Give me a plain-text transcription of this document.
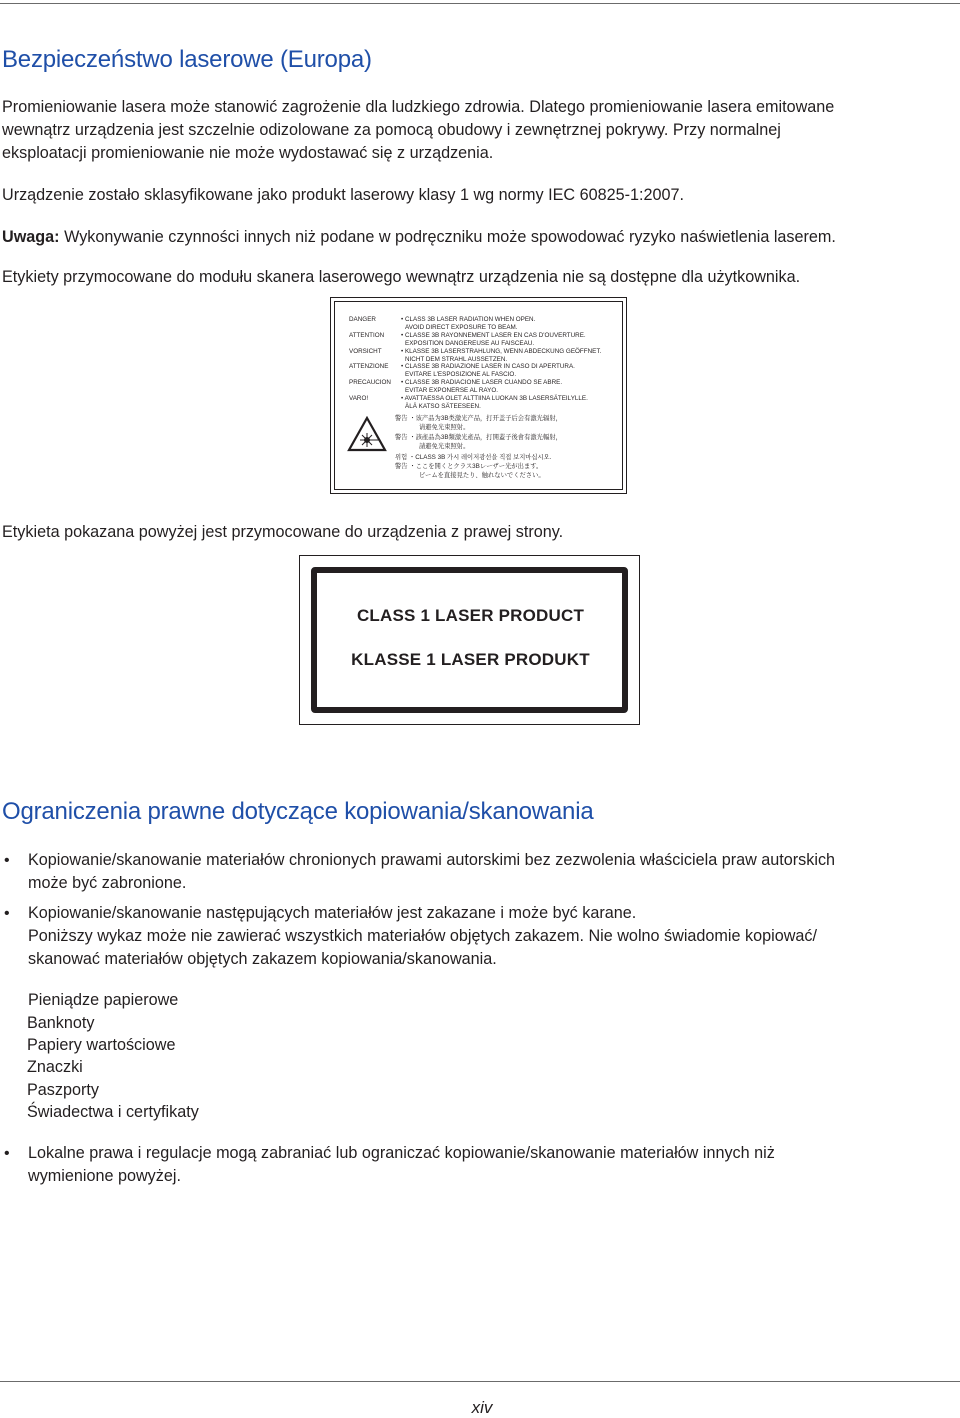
Bezpieczeństwo laserowe (Europa)

Promieniowanie lasera może stanowić zagrożenie dla ludzkiego zdrowia. Dlatego promieniowanie lasera emitowane
wewnątrz urządzenia jest szczelnie odizolowane za pomocą obudowy i zewnętrznej pokrywy. Przy normalnej
eksploatacji promieniowanie nie może wydostawać się z urządzenia.

Urządzenie zostało sklasyfikowane jako produkt laserowy klasy 1 wg normy IEC 60825-1:2007.

Uwaga: Wykonywanie czynności innych niż podane w podręczniku może spowodować ryzyko naświetlenia laserem.

Etykiety przymocowane do modułu skanera laserowego wewnątrz urządzenia nie są dostępne dla użytkownika.

DANGER	• CLASS 3B LASER RADIATION WHEN OPEN.
AVOID DIRECT EXPOSURE TO BEAM.
ATTENTION	• CLASSE 3B RAYONNEMENT LASER EN CAS D'OUVERTURE.
EXPOSITION DANGEREUSE AU FAISCEAU.
VORSICHT	• KLASSE 3B LASERSTRAHLUNG, WENN ABDECKUNG GEÖFFNET.
NICHT DEM STRAHL AUSSETZEN.
ATTENZIONE • CLASSE 3B RADIAZIONE LASER IN CASO DI APERTURA.
EVITARE L'ESPOSIZIONE AL FASCIO.
PRECAUCION • CLASSE 3B RADIACIONE LASER CUANDO SE ABRE.
EVITAR EXPONERSE AL RAYO.
VARO!	• AVATTAESSA OLET ALTTIINA LUOKAN 3B LASERSÄTEILYLLE.
ÄLÄ KATSO SÄTEESEEN.
警告 ・该产品为3B类激光产品，打开盖子后会有激光辐射，
请避免光束照射。
警告 ・該產品為3B類激光產品，打開蓋子後會有激光輻射，
請避免光束照射。
위험 ・CLASS 3B 가시 레이저광선을 직접 보지마십시오.
警告 ・ここを開くとクラス3Bレーザー光が出ます。
ビームを直接見たり、触れないでください。

Etykieta pokazana powyżej jest przymocowane do urządzenia z prawej strony.

CLASS 1 LASER PRODUCT
KLASSE 1 LASER PRODUKT
Ograniczenia prawne dotyczące kopiowania/skanowania
• Kopiowanie/skanowanie materiałów chronionych prawami autorskimi bez zezwolenia właściciela praw autorskich
może być zabronione.

• Kopiowanie/skanowanie następujących materiałów jest zakazane i może być karane.
Poniższy wykaz może nie zawierać wszystkich materiałów objętych zakazem. Nie wolno świadomie kopiować/
skanować materiałów objętych zakazem kopiowania/skanowania.

Pieniądze papierowe

Banknoty

Papiery wartościowe

Znaczki

Paszporty

Świadectwa i certyfikaty

• Lokalne prawa i regulacje mogą zabraniać lub ograniczać kopiowanie/skanowanie materiałów innych niż
wymienione powyżej.

xiv
